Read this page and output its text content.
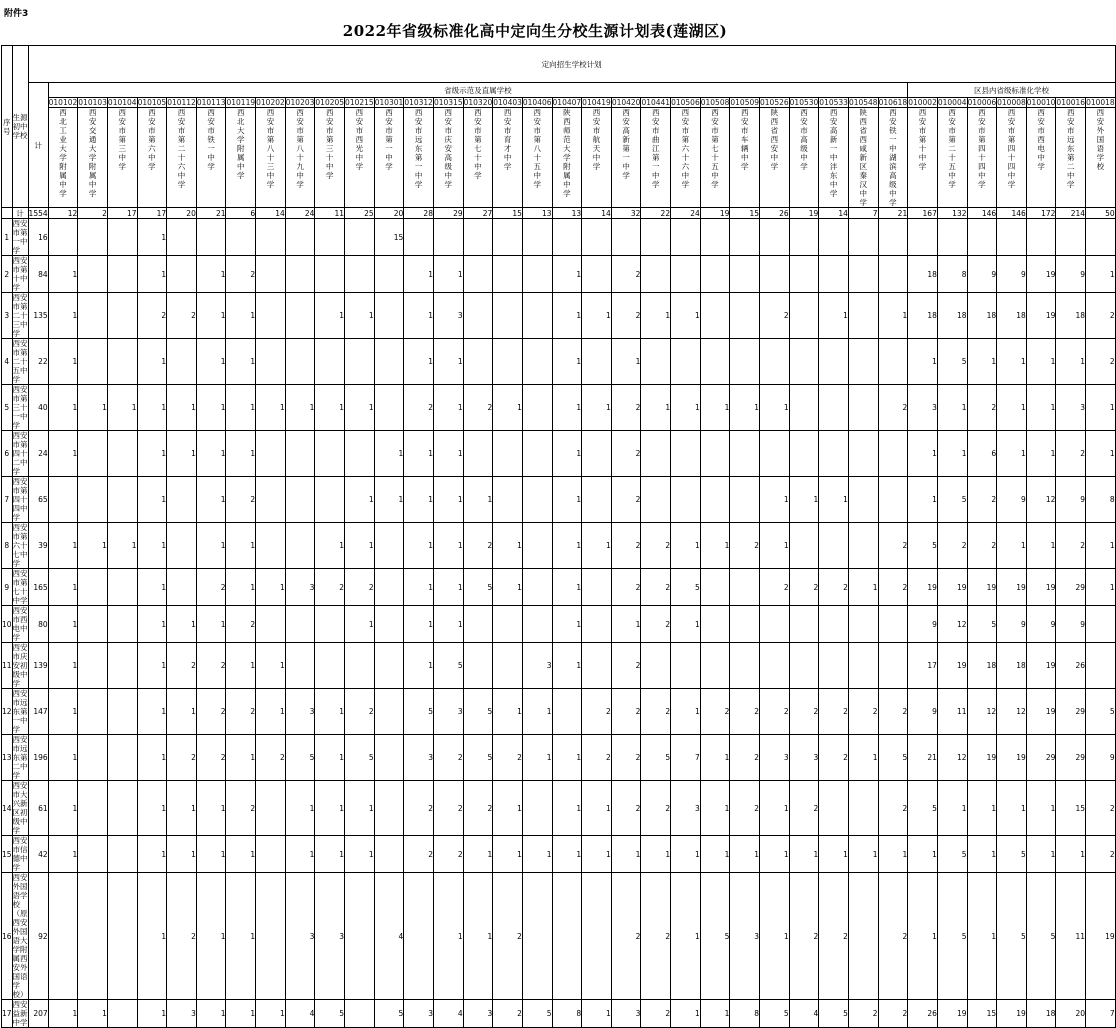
附件3
2022年省级标准化高中定向生分校生源计划表(莲湖区)
序号	生源初中学校	定向招生学校计划																																				
		计	省级示范及直属学校																													区县内省级标准化学校						
			010102	010103	010104	010105	010112	010113	010119	010202	010203	010205	010215	010301	010312	010315	010320	010403	010406	010407	010419	010420	010441	010506	010508	010509	010526	010530	010533	010548	010618	010002	010004	010006	010008	010010	010016	010018
			西北工业大学附属中学	西安交通大学附属中学	西安市第三中学	西安市第六中学	西安市第二十六中学	西安市铁一中学	西北大学附属中学	西安市第八十三中学	西安市第八十九中学	西安市第三十中学	西安市西光中学	西安市第一中学	西安市远东第一中学	西安市庆安高级中学	西安市第七十中学	西安市育才中学	西安市第八十五中学	陕西师范大学附属中学	西安市航天中学	西安高新第一中学	西安市曲江第一中学	西安市第六十六中学	西安市第七十五中学	西安市车辆中学	陕西省西安中学	西安市高级中学	西安高新一中沣东中学	陕西省西咸新区秦汉中学	西安铁一中湖滨高级中学	西安市第十中学	西安市第二十五中学	西安市第四十四中学	西安市第四十四中学	西安市西电中学	西安市远东第二中学	西安外国语学校
	计	1554	12	2	17	17	20	21	6	14	24	11	25	20	28	29	27	15	13	13	14	32	22	24	19	15	26	19	14	7	21	167	132	146	146	172	214	50
1	西安市第一中学	16				1								15																								
2	西安市第十中学	84	1			1		1	2						1	1				1		2										18	8	9	9	19	9	1
3	西安市第二十三中学	135	1			2	2	1	1			1	1		1	3				1	1	2	1	1			2		1		1	18	18	18	18	19	18	2
4	西安市第二十五中学	22	1			1		1	1						1	1				1		1										1	5	1	1	1	1	2
5	西安市第三十一中学	40	1	1	1	1	1	1	1	1	1	1	1		2	1	2	1		1	1	2	1	1	1	1	1				2	3	1	2	1	1	3	1
6	西安市第四十二中学	24	1			1	1	1	1					1	1	1				1		2										1	1	6	1	1	2	1
7	西安市第四十四中学	65				1		1	2				1	1	1	1	1			1		2					1	1	1			1	5	2	9	12	9	8
8	西安市第六十七中学	39	1	1	1	1		1	1			1	1		1	1	2	1		1	1	2	2	1	1	2	1				2	5	2	2	1	1	2	1
9	西安市第七十中学	165	1			1		2	1	1	3	2	2		1	1	5	1		1		2	2	5			2	2	2	1	2	19	19	19	19	19	29	1
10	西安市西电中学	80	1			1	1	1	2				1		1	1				1		1	2	1								9	12	5	9	9	9	
11	西安市庆安初级中学	139	1			1	2	2	1	1					1	5			3	1		2										17	19	18	18	19	26	
12	西安市远东第一中学	147	1			1	1	2	2	1	3	1	2		5	3	5	1	1		2	2	2	1	2	2	2	2	2	2	2	9	11	12	12	19	29	5
13	西安市远东第二中学	196	1			1	2	2	1	2	5	1	5		3	2	5	2	1	1	2	2	5	7	1	2	3	3	2	1	5	21	12	19	19	29	29	9
14	西安市大兴新区初级中学	61	1			1	1	1	2		1	1	1		2	2	2	1		1	1	2	2	3	1	2	1	2			2	5	1	1	1	1	15	2
15	西安市信德中学	42	1			1	1	1	1		1	1	1		2	2	1	1	1	1	1	1	1	1	1	1	1	1	1	1	1	1	5	1	5	1	1	2
16	西安外国语学校（原西安外国语大学附属西安外国语学校）	92				1	2	1	1		3	3		4		1	1	2				2	2	1	5	3	1	2	2		2	1	5	1	5	5	11	19
17	西安益新中学	207	1	1		1	3	1	1	1	4	5		5	3	4	3	2	5	8	1	3	2	1	1	8	5	4	5	2	2	26	19	15	19	18	20	7
